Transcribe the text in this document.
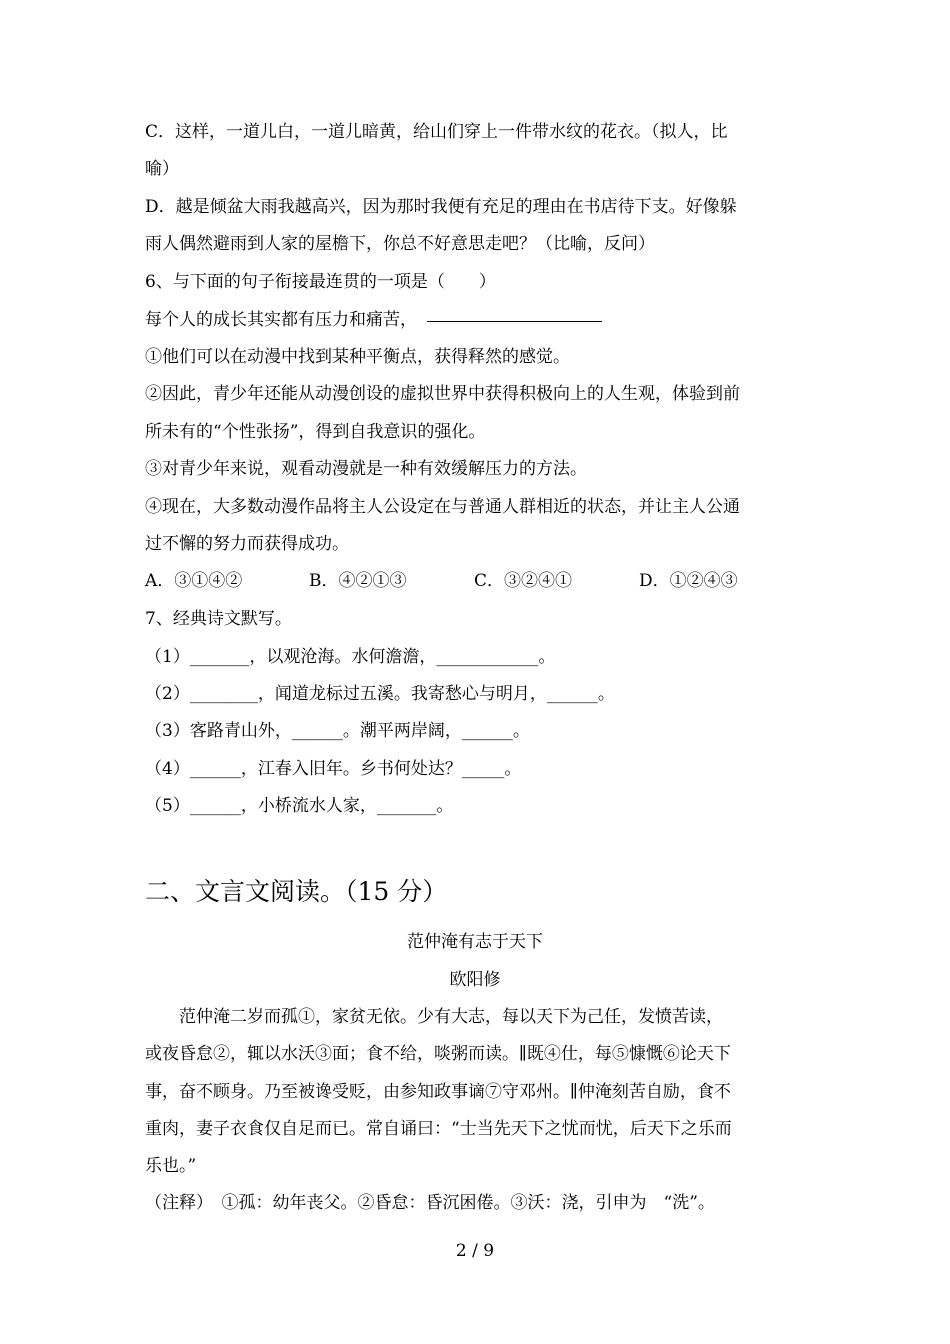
C．这样，一道儿白，一道儿暗黄，给山们穿上一件带水纹的花衣。（拟人，比
喻）
D．越是倾盆大雨我越高兴，因为那时我便有充足的理由在书店待下支。好像躲
雨人偶然避雨到人家的屋檐下，你总不好意思走吧？（比喻，反问）
6、与下面的句子衔接最连贯的一项是（　　）
每个人的成长其实都有压力和痛苦，
①他们可以在动漫中找到某种平衡点，获得释然的感觉。
②因此，青少年还能从动漫创设的虚拟世界中获得积极向上的人生观，体验到前
所未有的“个性张扬”，得到自我意识的强化。
③对青少年来说，观看动漫就是一种有效缓解压力的方法。
④现在，大多数动漫作品将主人公设定在与普通人群相近的状态，并让主人公通
过不懈的努力而获得成功。
A．③①④②	B．④②①③	C．③②④①	D．①②④③
7、经典诗文默写。
（1）_______，以观沧海。水何澹澹，____________。
（2）________，闻道龙标过五溪。我寄愁心与明月，______。
（3）客路青山外，______。潮平两岸阔，______。
（4）______，江春入旧年。乡书何处达？_____。
（5）______，小桥流水人家，_______。
二、文言文阅读。（15 分）
范仲淹有志于天下
欧阳修
　　范仲淹二岁而孤①，家贫无依。少有大志，每以天下为己任，发愤苦读，
或夜昏怠②，辄以水沃③面；食不给，啖粥而读。∥既④仕，每⑤慷慨⑥论天下
事，奋不顾身。乃至被谗受贬，由参知政事谪⑦守邓州。∥仲淹刻苦自励，食不
重肉，妻子衣食仅自足而已。常自诵曰：“士当先天下之忧而忧，后天下之乐而
乐也。”
（注释）　①孤：幼年丧父。②昏怠：昏沉困倦。③沃：浇，引申为　“洗”。
2 / 9
